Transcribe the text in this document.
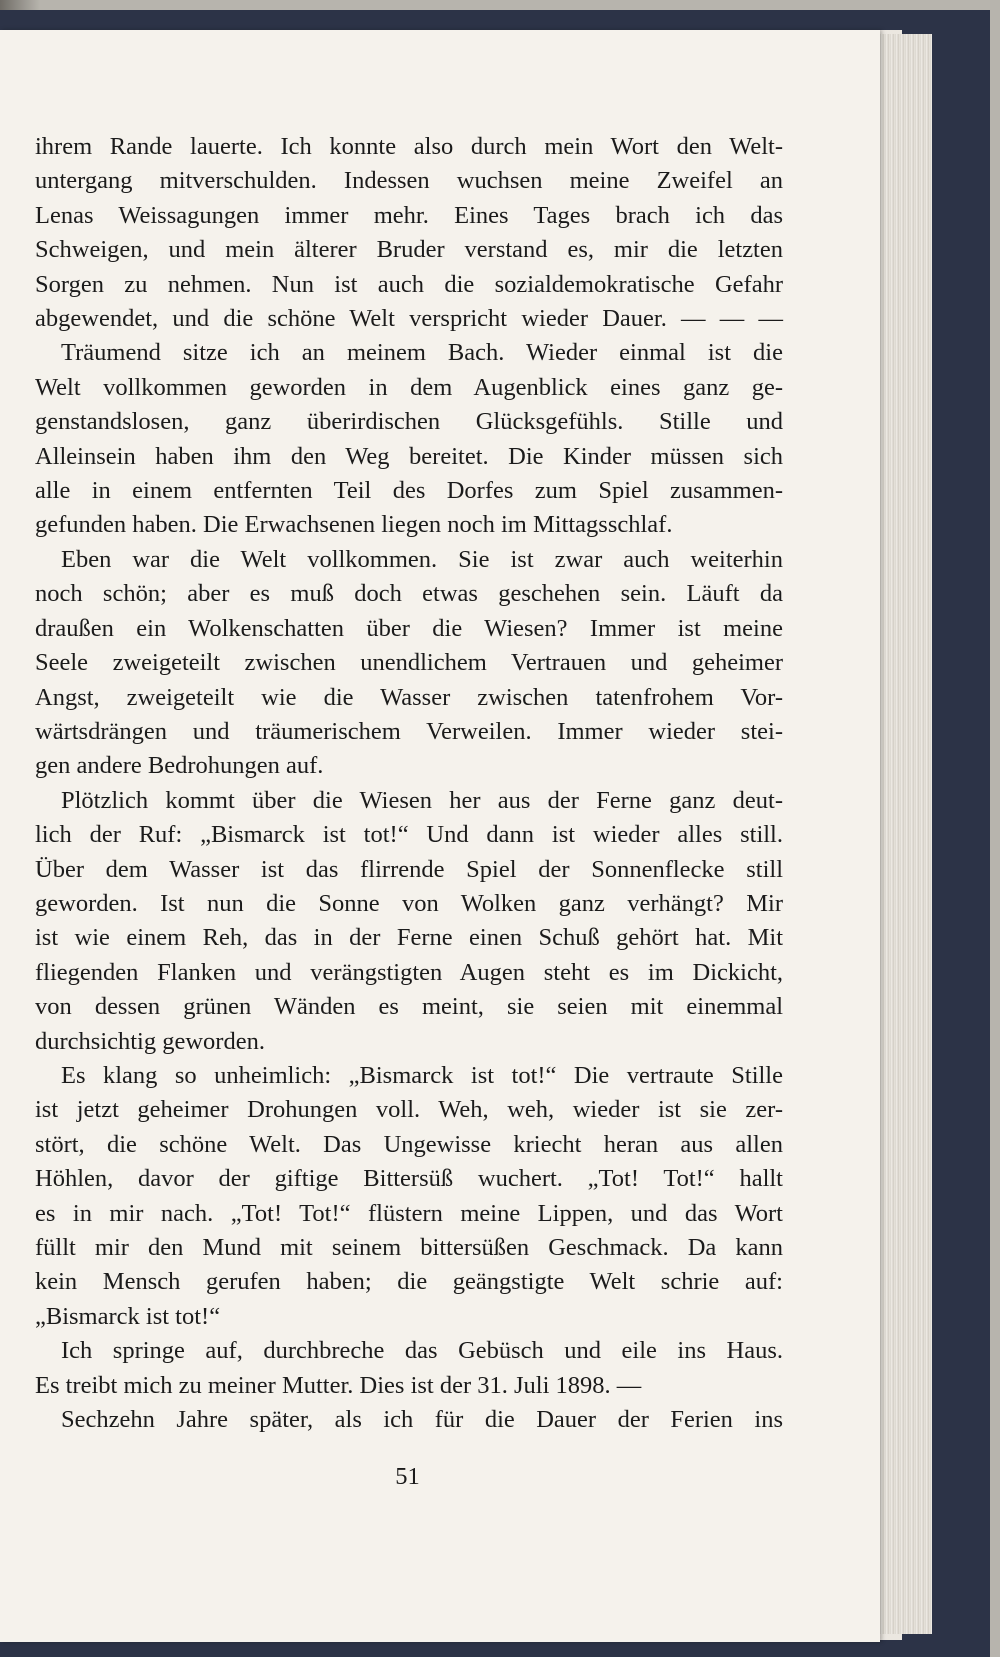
ihrem Rande lauerte. Ich konnte also durch mein Wort den Welt-
untergang mitverschulden. Indessen wuchsen meine Zweifel an
Lenas Weissagungen immer mehr. Eines Tages brach ich das
Schweigen, und mein älterer Bruder verstand es, mir die letzten
Sorgen zu nehmen. Nun ist auch die sozialdemokratische Gefahr
abgewendet, und die schöne Welt verspricht wieder Dauer. — — —
Träumend sitze ich an meinem Bach. Wieder einmal ist die
Welt vollkommen geworden in dem Augenblick eines ganz ge-
genstandslosen, ganz überirdischen Glücksgefühls. Stille und
Alleinsein haben ihm den Weg bereitet. Die Kinder müssen sich
alle in einem entfernten Teil des Dorfes zum Spiel zusammen-
gefunden haben. Die Erwachsenen liegen noch im Mittagsschlaf.
Eben war die Welt vollkommen. Sie ist zwar auch weiterhin
noch schön; aber es muß doch etwas geschehen sein. Läuft da
draußen ein Wolkenschatten über die Wiesen? Immer ist meine
Seele zweigeteilt zwischen unendlichem Vertrauen und geheimer
Angst, zweigeteilt wie die Wasser zwischen tatenfrohem Vor-
wärtsdrängen und träumerischem Verweilen. Immer wieder stei-
gen andere Bedrohungen auf.
Plötzlich kommt über die Wiesen her aus der Ferne ganz deut-
lich der Ruf: „Bismarck ist tot!“ Und dann ist wieder alles still.
Über dem Wasser ist das flirrende Spiel der Sonnenflecke still
geworden. Ist nun die Sonne von Wolken ganz verhängt? Mir
ist wie einem Reh, das in der Ferne einen Schuß gehört hat. Mit
fliegenden Flanken und verängstigten Augen steht es im Dickicht,
von dessen grünen Wänden es meint, sie seien mit einemmal
durchsichtig geworden.
Es klang so unheimlich: „Bismarck ist tot!“ Die vertraute Stille
ist jetzt geheimer Drohungen voll. Weh, weh, wieder ist sie zer-
stört, die schöne Welt. Das Ungewisse kriecht heran aus allen
Höhlen, davor der giftige Bittersüß wuchert. „Tot! Tot!“ hallt
es in mir nach. „Tot! Tot!“ flüstern meine Lippen, und das Wort
füllt mir den Mund mit seinem bittersüßen Geschmack. Da kann
kein Mensch gerufen haben; die geängstigte Welt schrie auf:
„Bismarck ist tot!“
Ich springe auf, durchbreche das Gebüsch und eile ins Haus.
Es treibt mich zu meiner Mutter. Dies ist der 31. Juli 1898. —
Sechzehn Jahre später, als ich für die Dauer der Ferien ins
51
